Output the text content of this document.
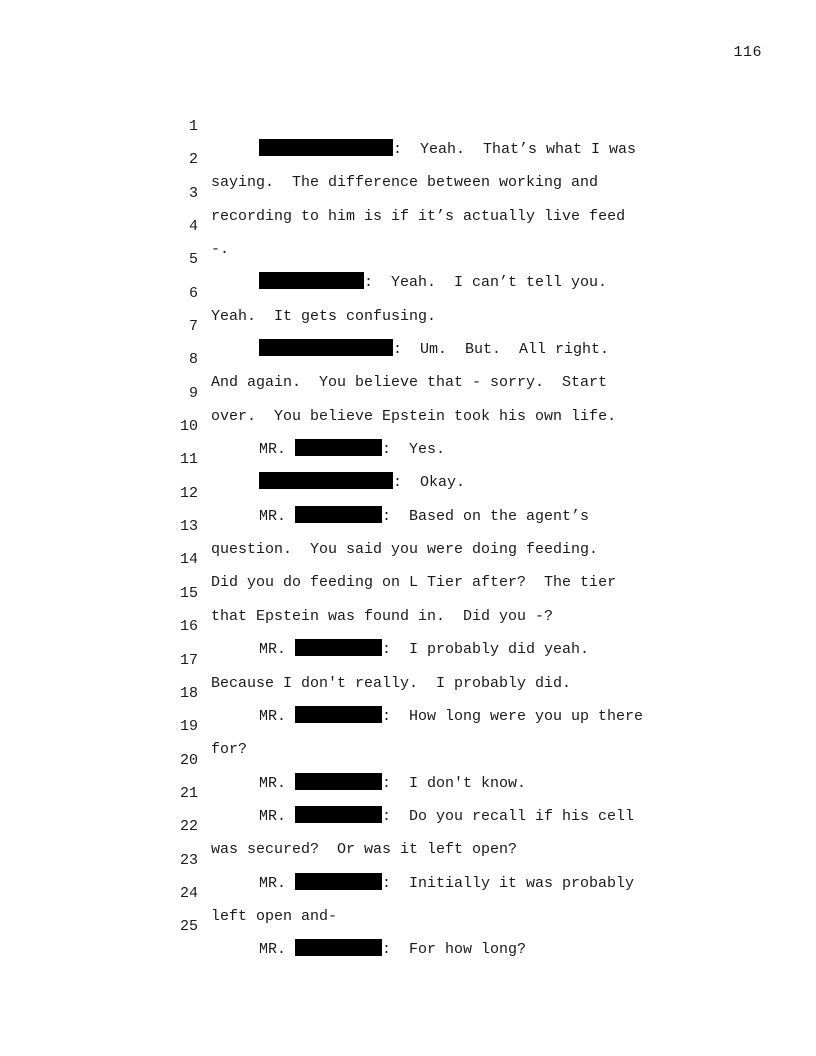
116

1

:  Yeah.  That’s what I was

2

saying.  The difference between working and

3

recording to him is if it’s actually live feed

4

-.

5

:  Yeah.  I can’t tell you.

6

Yeah.  It gets confusing.

7

:  Um.  But.  All right.

8

And again.  You believe that - sorry.  Start

9

over.  You believe Epstein took his own life.

10

MR.	:  Yes.

11

:  Okay.

12

MR.	:  Based on the agent’s

13

question.  You said you were doing feeding.

14

Did you do feeding on L Tier after?  The tier

15

that Epstein was found in.  Did you -?

16

MR.	:  I probably did yeah.

17

Because I don't really.  I probably did.

18

MR.	:  How long were you up there

19

for?

20

MR.	:  I don't know.

21

MR.	:  Do you recall if his cell

22

was secured?  Or was it left open?

23

MR.	:  Initially it was probably

24

left open and-

25

MR.	:  For how long?
